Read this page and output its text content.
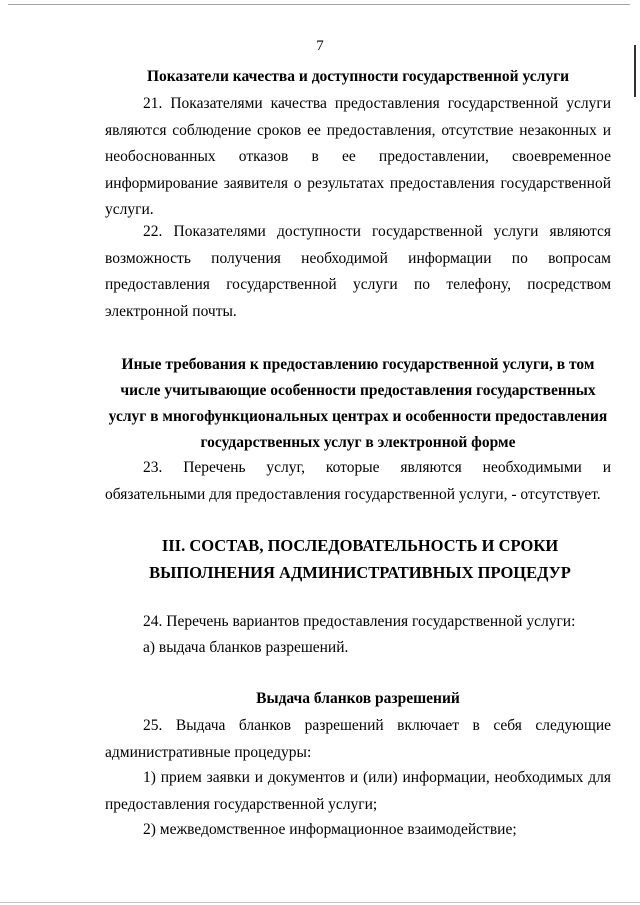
7
Показатели качества и доступности государственной услуги
21. Показателями качества предоставления государственной услуги являются соблюдение сроков ее предоставления, отсутствие незаконных и необоснованных отказов в ее предоставлении, своевременное информирование заявителя о результатах предоставления государственной услуги.
22. Показателями доступности государственной услуги являются возможность получения необходимой информации по вопросам предоставления государственной услуги по телефону, посредством электронной почты.
Иные требования к предоставлению государственной услуги, в том числе учитывающие особенности предоставления государственных услуг в многофункциональных центрах и особенности предоставления государственных услуг в электронной форме
23. Перечень услуг, которые являются необходимыми и обязательными для предоставления государственной услуги, - отсутствует.
III. СОСТАВ, ПОСЛЕДОВАТЕЛЬНОСТЬ И СРОКИ ВЫПОЛНЕНИЯ АДМИНИСТРАТИВНЫХ ПРОЦЕДУР
24. Перечень вариантов предоставления государственной услуги:
а) выдача бланков разрешений.
Выдача бланков разрешений
25. Выдача бланков разрешений включает в себя следующие административные процедуры:
1) прием заявки и документов и (или) информации, необходимых для предоставления государственной услуги;
2) межведомственное информационное взаимодействие;
